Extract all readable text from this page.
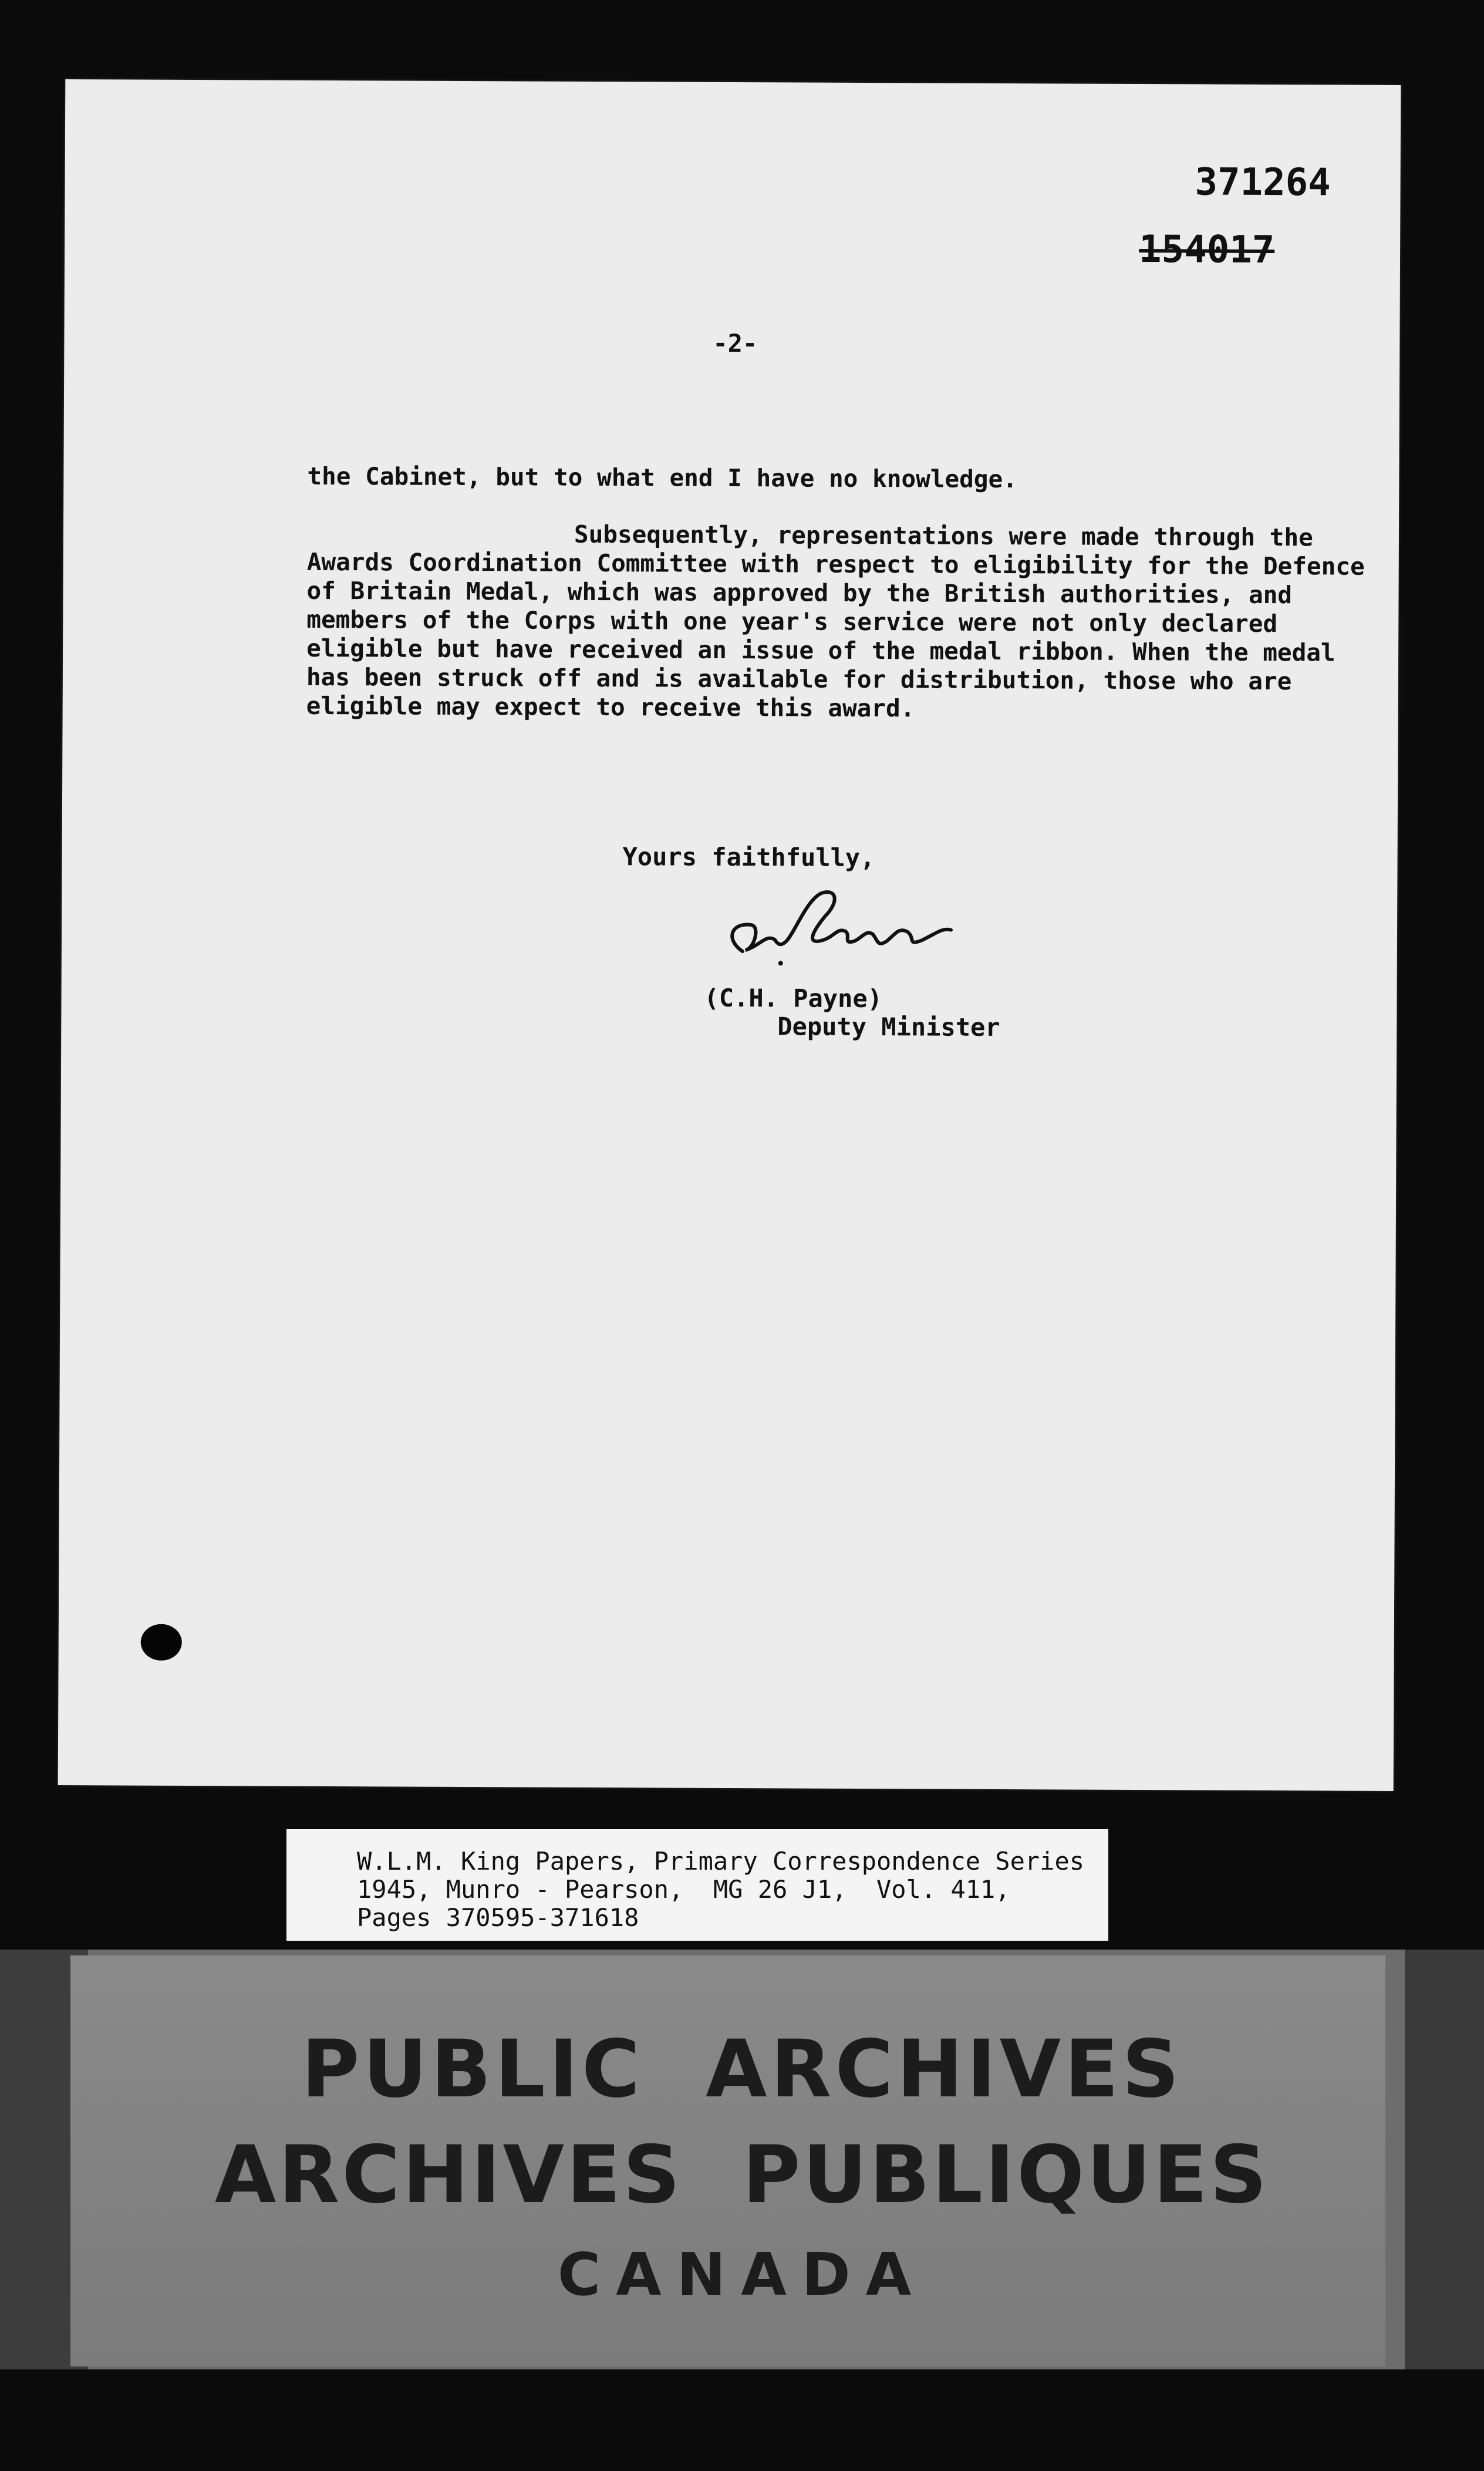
371264
154017
-2-

the Cabinet, but to what end I have no knowledge.

Subsequently, representations were made through the Awards Coordination Committee with respect to eligibility for the Defence of Britain Medal, which was approved by the British authorities, and members of the Corps with one year's service were not only declared eligible but have received an issue of the medal ribbon. When the medal has been struck off and is available for distribution, those who are eligible may expect to receive this award.

Yours faithfully,
(C.H. Payne)
Deputy Minister
W.L.M. King Papers, Primary Correspondence Series
1945, Munro - Pearson,  MG 26 J1,  Vol. 411,
Pages 370595-371618
PUBLIC  ARCHIVES
ARCHIVES  PUBLIQUES
CANADA
